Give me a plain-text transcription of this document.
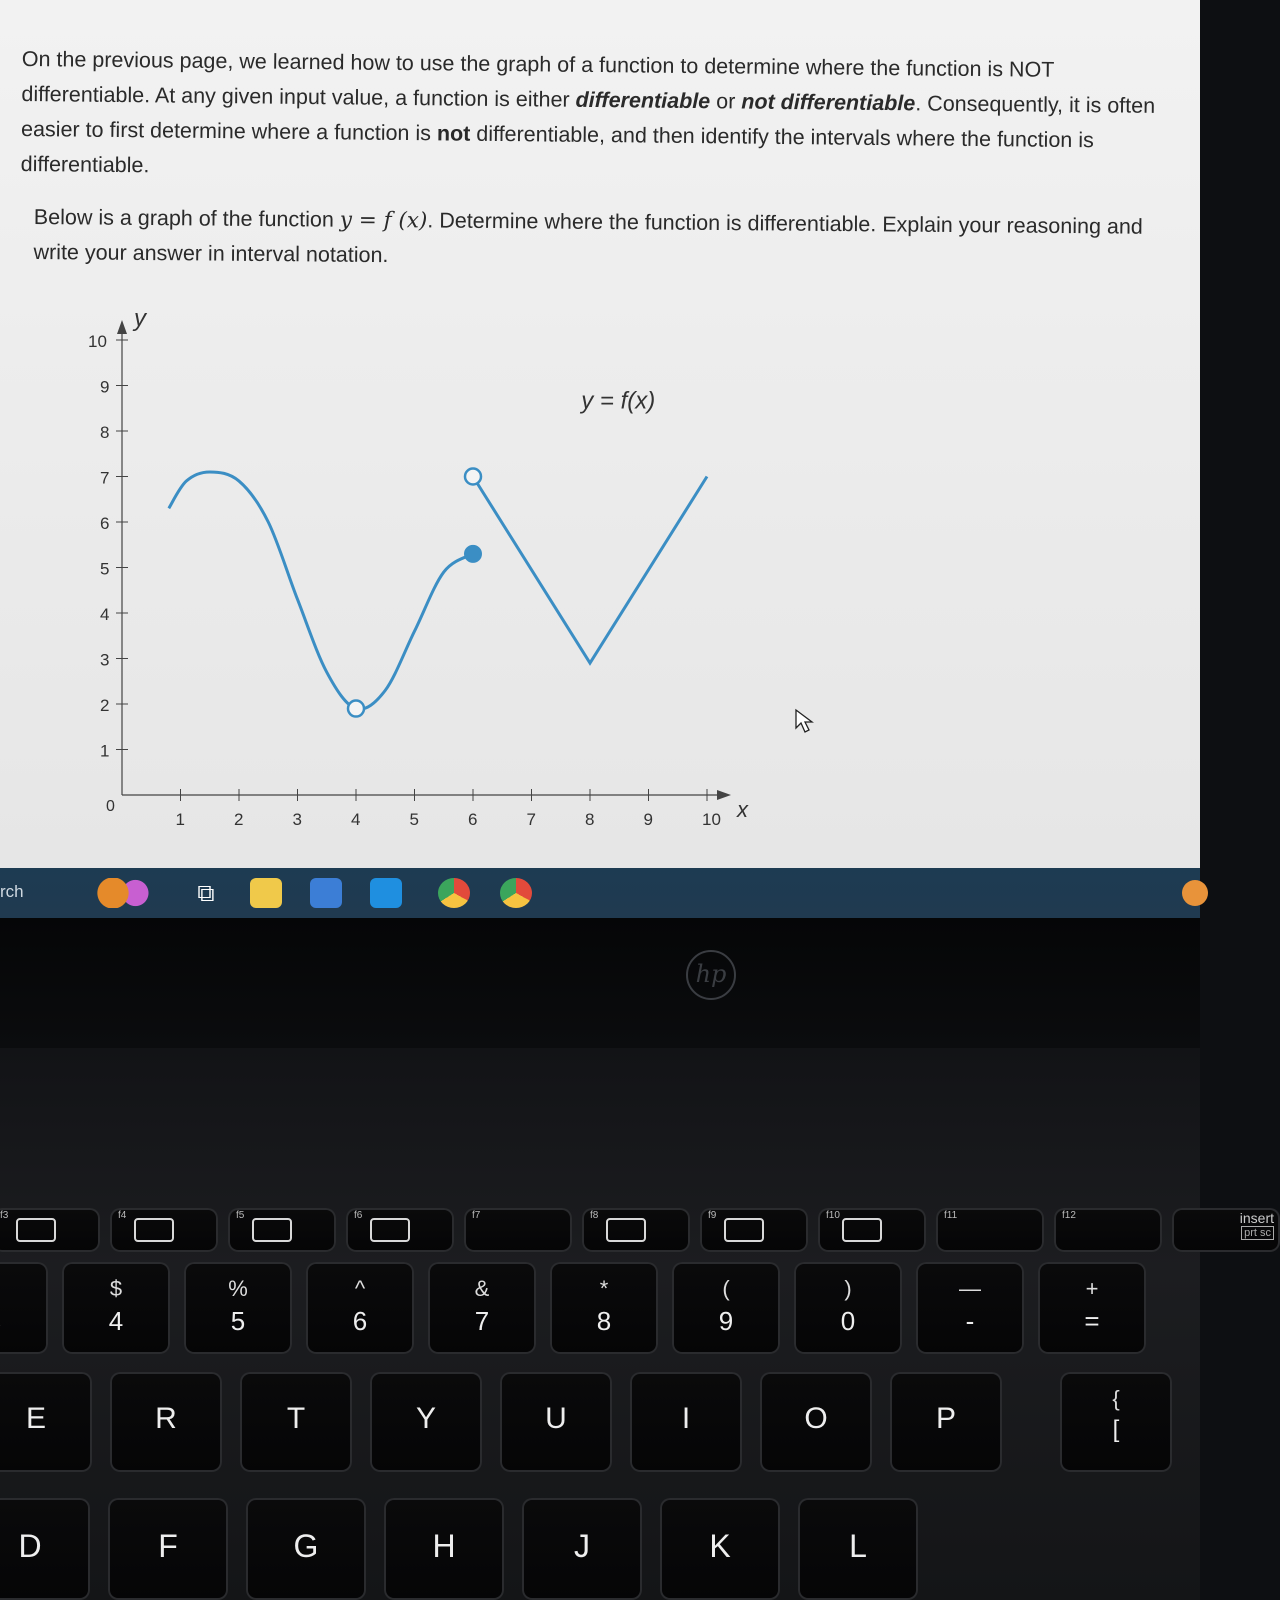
On the previous page, we learned how to use the graph of a function to determine where the function is NOT differentiable. At any given input value, a function is either differentiable or not differentiable. Consequently, it is often easier to first determine where a function is not differentiable, and then identify the intervals where the function is differentiable.
Below is a graph of the function y = f (x). Determine where the function is differentiable. Explain your reasoning and write your answer in interval notation.
x
y
0
1	2	3	4	5	6	7	8	9	10
1
2
3
4
5
6
7
8
9
10
y = f(x)
rch	⧉
hp
f3	f4	f5	f6	f7	f8	f9	f10	f11	f12	insert
prt sc
$
4
%
5
^
6
&
7
*
8
(
9
)
0
—
-
+
=
E	R	T	Y	U	I	O	P
{
[
D	F	G	H	J	K	L
